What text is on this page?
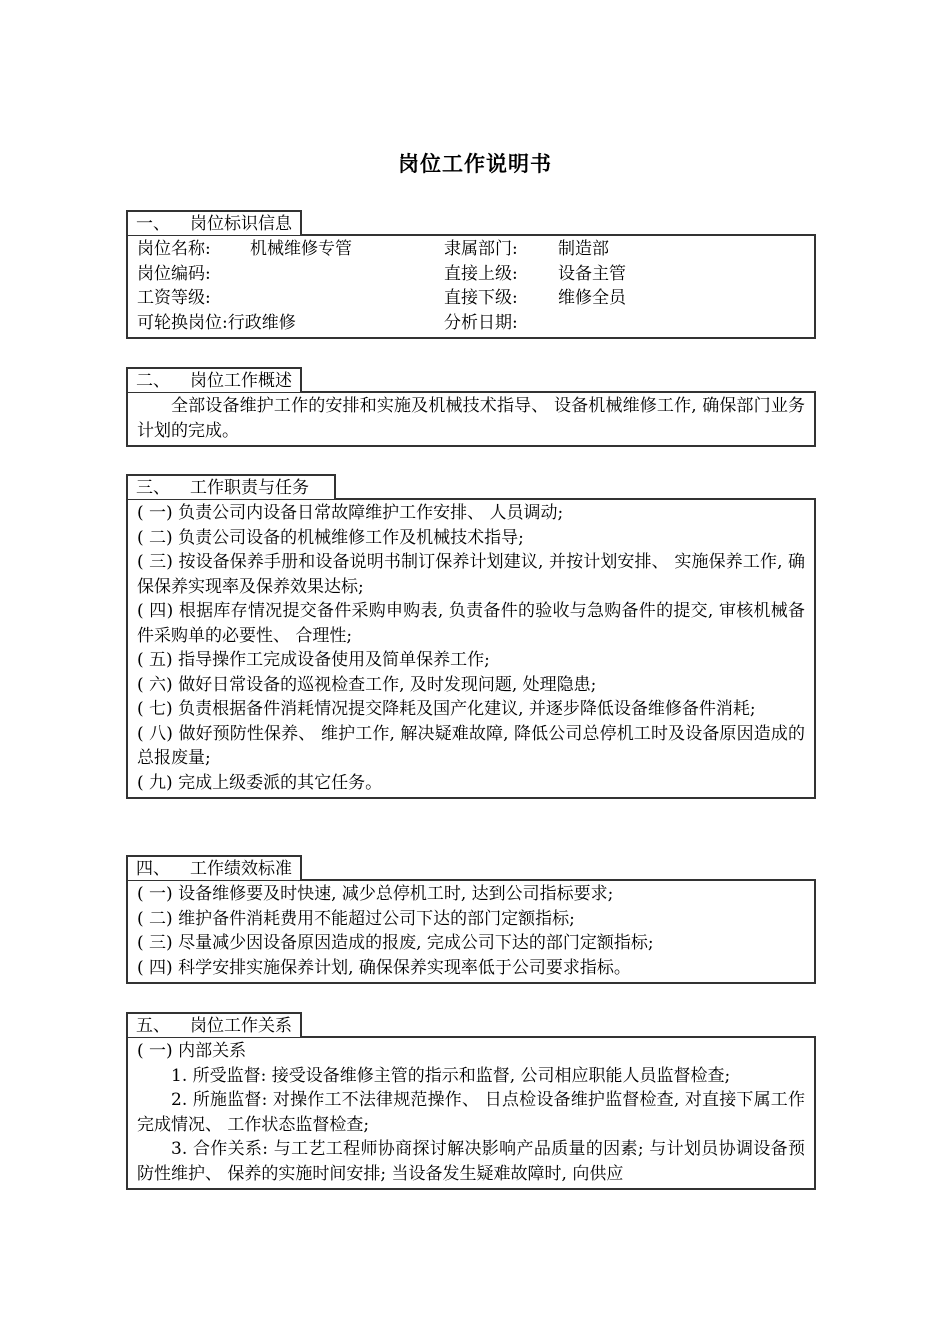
岗位工作说明书
一、 岗位标识信息
岗位名称: 机械维修专管	隶属部门: 制造部
岗位编码:	直接上级: 设备主管
工资等级:	直接下级: 维修全员
可轮换岗位:行政维修	分析日期:
二、 岗位工作概述
全部设备维护工作的安排和实施及机械技术指导、 设备机械维修工作, 确保部门业务计划的完成。
三、 工作职责与任务
( 一) 负责公司内设备日常故障维护工作安排、 人员调动;
( 二) 负责公司设备的机械维修工作及机械技术指导;
( 三) 按设备保养手册和设备说明书制订保养计划建议, 并按计划安排、 实施保养工作, 确保保养实现率及保养效果达标;
( 四) 根据库存情况提交备件采购申购表, 负责备件的验收与急购备件的提交, 审核机械备件采购单的必要性、 合理性;
( 五) 指导操作工完成设备使用及简单保养工作;
( 六) 做好日常设备的巡视检查工作, 及时发现问题, 处理隐患;
( 七) 负责根据备件消耗情况提交降耗及国产化建议, 并逐步降低设备维修备件消耗;
( 八) 做好预防性保养、 维护工作, 解决疑难故障, 降低公司总停机工时及设备原因造成的总报废量;
( 九) 完成上级委派的其它任务。
四、 工作绩效标准
( 一) 设备维修要及时快速, 减少总停机工时, 达到公司指标要求;
( 二) 维护备件消耗费用不能超过公司下达的部门定额指标;
( 三) 尽量减少因设备原因造成的报废, 完成公司下达的部门定额指标;
( 四) 科学安排实施保养计划, 确保保养实现率低于公司要求指标。
五、 岗位工作关系
( 一) 内部关系
1. 所受监督: 接受设备维修主管的指示和监督, 公司相应职能人员监督检查;
2. 所施监督: 对操作工不法律规范操作、 日点检设备维护监督检查, 对直接下属工作完成情况、 工作状态监督检查;
3. 合作关系: 与工艺工程师协商探讨解决影响产品质量的因素; 与计划员协调设备预防性维护、 保养的实施时间安排; 当设备发生疑难故障时, 向供应
